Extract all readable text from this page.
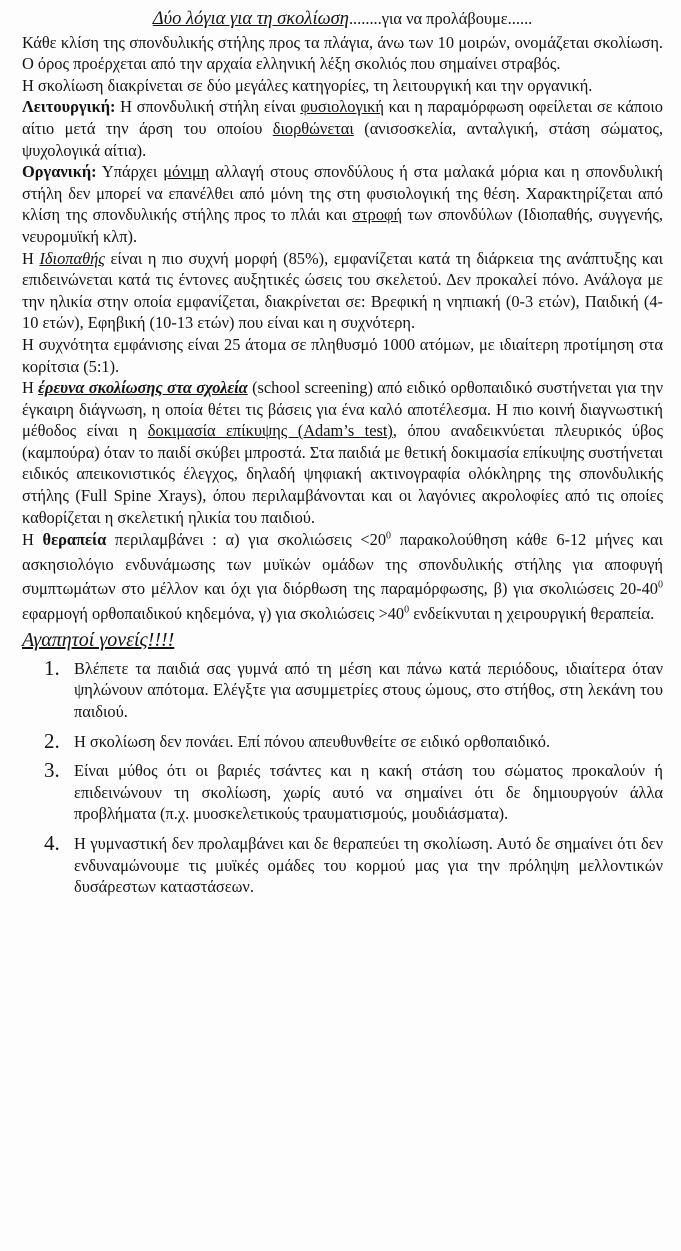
Δύο λόγια για τη σκολίωση........για να προλάβουμε......

Κάθε κλίση της σπονδυλικής στήλης προς τα πλάγια, άνω των 10 μοιρών, ονομάζεται σκολίωση. Ο όρος προέρχεται από την αρχαία ελληνική λέξη σκολιός που σημαίνει στραβός.

Η σκολίωση διακρίνεται σε δύο μεγάλες κατηγορίες, τη λειτουργική και την οργανική.

Λειτουργική: Η σπονδυλική στήλη είναι φυσιολογική και η παραμόρφωση οφείλεται σε κάποιο αίτιο μετά την άρση του οποίου διορθώνεται (ανισοσκελία, ανταλγική, στάση σώματος, ψυχολογικά αίτια).

Οργανική: Υπάρχει μόνιμη αλλαγή στους σπονδύλους ή στα μαλακά μόρια και η σπονδυλική στήλη δεν μπορεί να επανέλθει από μόνη της στη φυσιολογική της θέση. Χαρακτηρίζεται από κλίση της σπονδυλικής στήλης προς το πλάι και στροφή των σπονδύλων (Ιδιοπαθής, συγγενής, νευρομυϊκή κλπ).

Η Ιδιοπαθής είναι η πιο συχνή μορφή (85%), εμφανίζεται κατά τη διάρκεια της ανάπτυξης και επιδεινώνεται κατά τις έντονες αυξητικές ώσεις του σκελετού. Δεν προκαλεί πόνο. Ανάλογα με την ηλικία στην οποία εμφανίζεται, διακρίνεται σε: Βρεφική η νηπιακή (0-3 ετών), Παιδική (4-10 ετών), Εφηβική (10-13 ετών) που είναι και η συχνότερη.

Η συχνότητα εμφάνισης είναι 25 άτομα σε πληθυσμό 1000 ατόμων, με ιδιαίτερη προτίμηση στα κορίτσια (5:1).

Η έρευνα σκολίωσης στα σχολεία (school screening) από ειδικό ορθοπαιδικό συστήνεται για την έγκαιρη διάγνωση, η οποία θέτει τις βάσεις για ένα καλό αποτέλεσμα. Η πιο κοινή διαγνωστική μέθοδος είναι η δοκιμασία επίκυψης (Adam’s test), όπου αναδεικνύεται πλευρικός ύβος (καμπούρα) όταν το παιδί σκύβει μπροστά. Στα παιδιά με θετική δοκιμασία επίκυψης συστήνεται ειδικός απεικονιστικός έλεγχος, δηλαδή ψηφιακή ακτινογραφία ολόκληρης της σπονδυλικής στήλης (Full Spine Xrays), όπου περιλαμβάνονται και οι λαγόνιες ακρολοφίες από τις οποίες καθορίζεται η σκελετική ηλικία του παιδιού.

Η θεραπεία περιλαμβάνει : α) για $\sigma\kappa o\lambda\iota ώ\sigma\varepsilon\iota\varsigma <20^0$ παρακολούθηση κάθε 6-12 μήνες και ασκησιολόγιο ενδυνάμωσης των μυϊκών ομάδων της σπονδυλικής στήλης για αποφυγή συμπτωμάτων στο μέλλον και όχι για διόρθωση της παραμόρφωσης, β) για σκολιώσεις $20-40^0$ εφαρμογή ορθοπαιδικού κηδεμόνα, γ) για $\sigma\kappa o\lambda\iota ώ\sigma\varepsilon\iota\varsigma >40^0$ ενδείκνυται η χειρουργική θεραπεία.

Αγαπητοί γονείς!!!!
1. Βλέπετε τα παιδιά σας γυμνά από τη μέση και πάνω κατά περιόδους, ιδιαίτερα όταν ψηλώνουν απότομα. Ελέγξτε για ασυμμετρίες στους ώμους, στο στήθος, στη λεκάνη του παιδιού.
2. Η σκολίωση δεν πονάει. Επί πόνου απευθυνθείτε σε ειδικό ορθοπαιδικό.
3. Είναι μύθος ότι οι βαριές τσάντες και η κακή στάση του σώματος προκαλούν ή επιδεινώνουν τη σκολίωση, χωρίς αυτό να σημαίνει ότι δε δημιουργούν άλλα προβλήματα (π.χ. μυοσκελετικούς τραυματισμούς, μουδιάσματα).
4. Η γυμναστική δεν προλαμβάνει και δε θεραπεύει τη σκολίωση. Αυτό δε σημαίνει ότι δεν ενδυναμώνουμε τις μυϊκές ομάδες του κορμού μας για την πρόληψη μελλοντικών δυσάρεστων καταστάσεων.
